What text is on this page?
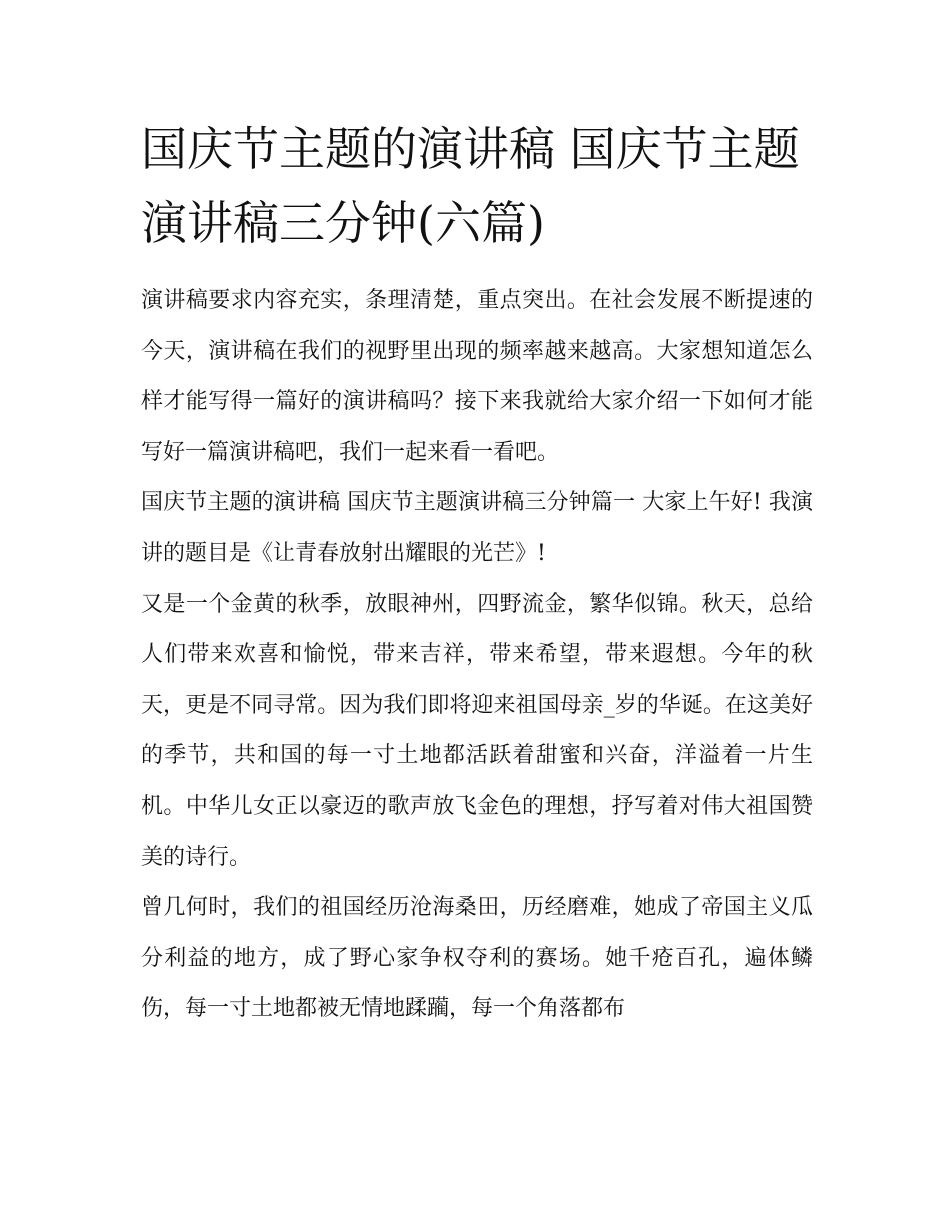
国庆节主题的演讲稿 国庆节主题演讲稿三分钟(六篇)

演讲稿要求内容充实，条理清楚，重点突出。在社会发展不断提速的今天，演讲稿在我们的视野里出现的频率越来越高。大家想知道怎么样才能写得一篇好的演讲稿吗？接下来我就给大家介绍一下如何才能写好一篇演讲稿吧，我们一起来看一看吧。

国庆节主题的演讲稿 国庆节主题演讲稿三分钟篇一 大家上午好! 我演讲的题目是《让青春放射出耀眼的光芒》!

又是一个金黄的秋季，放眼神州，四野流金，繁华似锦。秋天，总给人们带来欢喜和愉悦，带来吉祥，带来希望，带来遐想。今年的秋天，更是不同寻常。因为我们即将迎来祖国母亲_岁的华诞。在这美好的季节，共和国的每一寸土地都活跃着甜蜜和兴奋，洋溢着一片生机。中华儿女正以豪迈的歌声放飞金色的理想，抒写着对伟大祖国赞美的诗行。

曾几何时，我们的祖国经历沧海桑田，历经磨难，她成了帝国主义瓜分利益的地方，成了野心家争权夺利的赛场。她千疮百孔，遍体鳞伤，每一寸土地都被无情地蹂躏，每一个角落都布
